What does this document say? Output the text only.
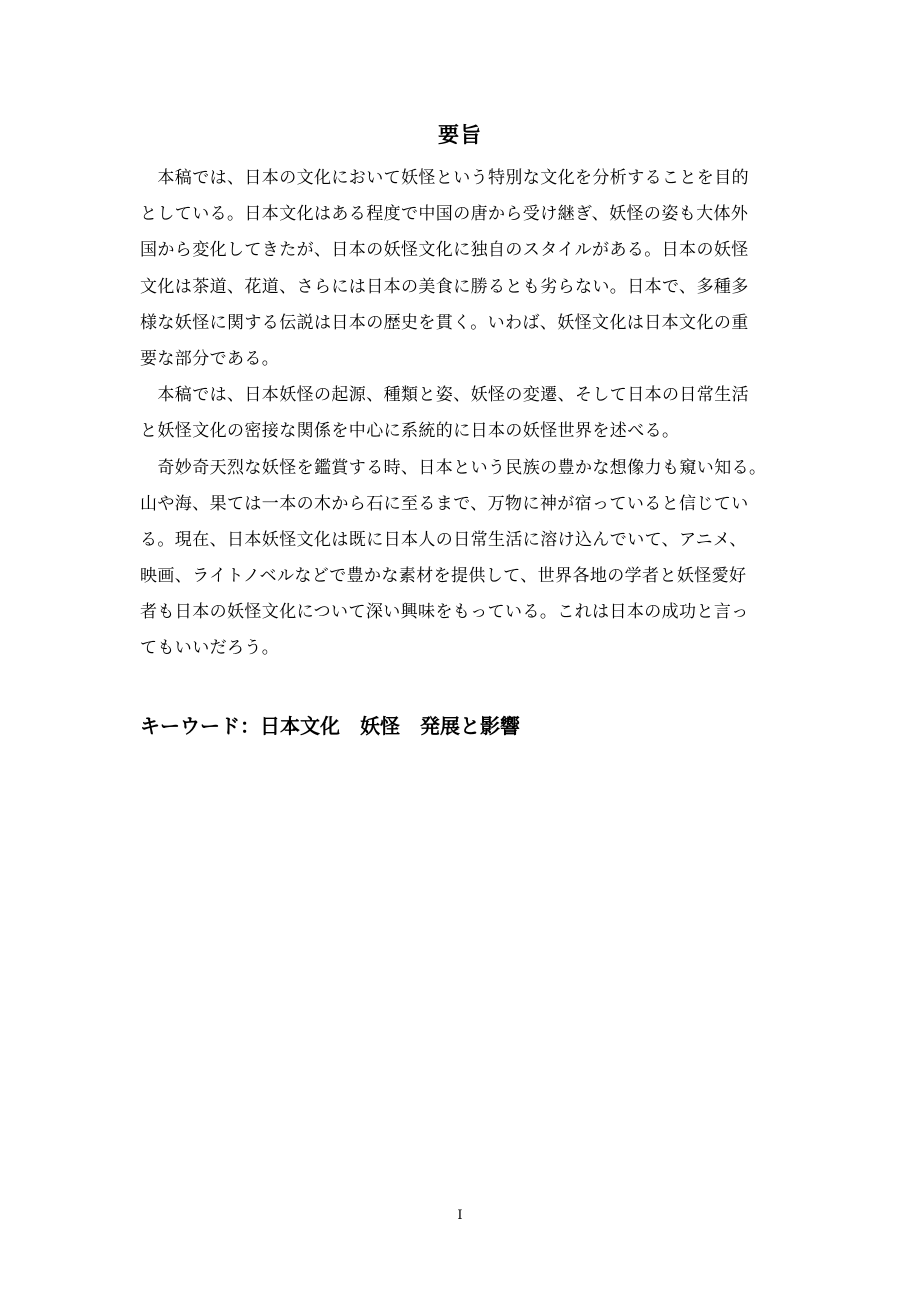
要旨
　本稿では、日本の文化において妖怪という特別な文化を分析することを目的
としている。日本文化はある程度で中国の唐から受け継ぎ、妖怪の姿も大体外
国から変化してきたが、日本の妖怪文化に独自のスタイルがある。日本の妖怪
文化は茶道、花道、さらには日本の美食に勝るとも劣らない。日本で、多種多
様な妖怪に関する伝説は日本の歴史を貫く。いわば、妖怪文化は日本文化の重
要な部分である。
　本稿では、日本妖怪の起源、種類と姿、妖怪の変遷、そして日本の日常生活
と妖怪文化の密接な関係を中心に系統的に日本の妖怪世界を述べる。
　奇妙奇天烈な妖怪を鑑賞する時、日本という民族の豊かな想像力も窺い知る。
山や海、果ては一本の木から石に至るまで、万物に神が宿っていると信じてい
る。現在、日本妖怪文化は既に日本人の日常生活に溶け込んでいて、アニメ、
映画、ライトノベルなどで豊かな素材を提供して、世界各地の学者と妖怪愛好
者も日本の妖怪文化について深い興味をもっている。これは日本の成功と言っ
てもいいだろう。
キーウード：日本文化　妖怪　発展と影響
I
